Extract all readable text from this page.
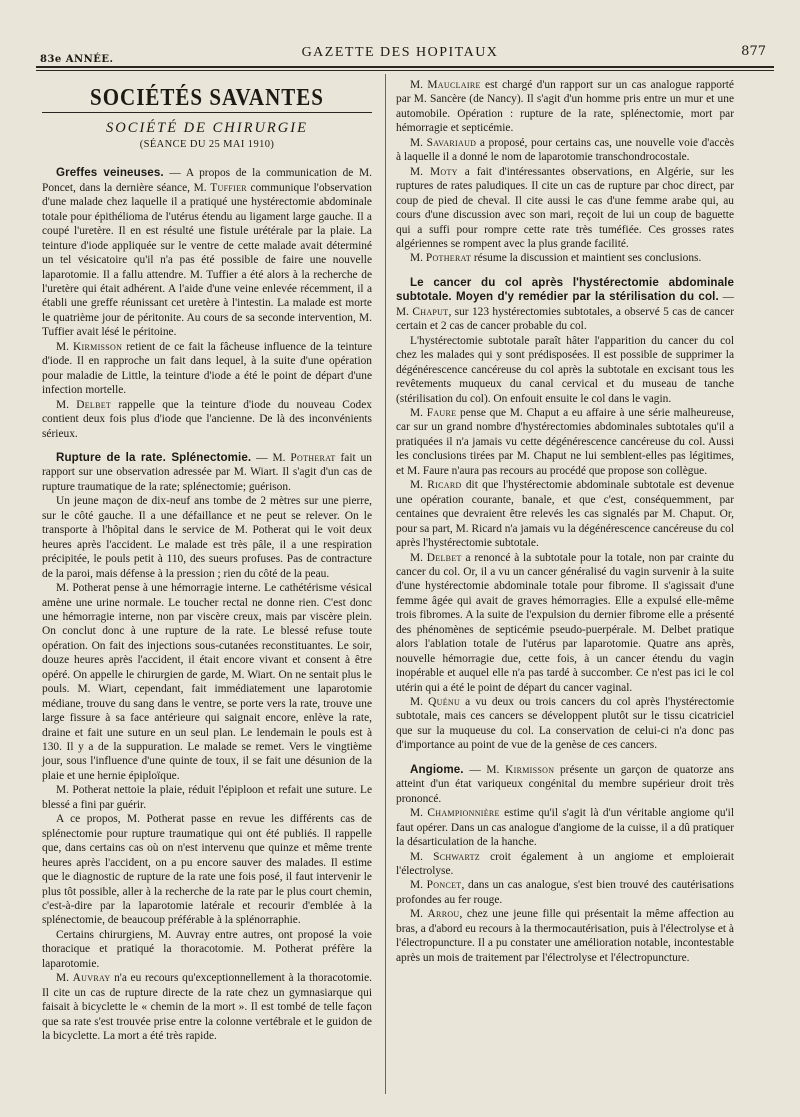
83e ANNÉE.	GAZETTE DES HOPITAUX	877
SOCIÉTÉS SAVANTES
SOCIÉTÉ DE CHIRURGIE
(SÉANCE DU 25 MAI 1910)

Greffes veineuses. — A propos de la communication de M. Poncet, dans la dernière séance, M. Tuffier communique l'observation d'une malade chez laquelle il a pratiqué une hystérectomie abdominale totale pour épithélioma de l'utérus étendu au ligament large gauche. Il a coupé l'uretère. Il en est résulté une fistule urétérale par la plaie. La teinture d'iode appliquée sur le ventre de cette malade avait déterminé un tel vésicatoire qu'il n'a pas été possible de faire une nouvelle laparotomie. Il a fallu attendre. M. Tuffier a été alors à la recherche de l'uretère qui était adhérent. A l'aide d'une veine enlevée récemment, il a établi une greffe réunissant cet uretère à l'intestin. La malade est morte le quatrième jour de péritonite. Au cours de sa seconde intervention, M. Tuffier avait lésé le péritoine.

M. Kirmisson retient de ce fait la fâcheuse influence de la teinture d'iode. Il en rapproche un fait dans lequel, à la suite d'une opération pour maladie de Little, la teinture d'iode a été le point de départ d'une infection mortelle.

M. Delbet rappelle que la teinture d'iode du nouveau Codex contient deux fois plus d'iode que l'ancienne. De là des inconvénients sérieux.

Rupture de la rate. Splénectomie. — M. Potherat fait un rapport sur une observation adressée par M. Wiart. Il s'agit d'un cas de rupture traumatique de la rate; splénectomie; guérison.

Un jeune maçon de dix-neuf ans tombe de 2 mètres sur une pierre, sur le côté gauche. Il a une défaillance et ne peut se relever. On le transporte à l'hôpital dans le service de M. Potherat qui le voit deux heures après l'accident. Le malade est très pâle, il a une respiration précipitée, le pouls petit à 110, des sueurs profuses. Pas de contracture de la paroi, mais défense à la pression ; rien du côté de la peau.

M. Potherat pense à une hémorragie interne. Le cathétérisme vésical amène une urine normale. Le toucher rectal ne donne rien. C'est donc une hémorragie interne, non par viscère creux, mais par viscère plein. On conclut donc à une rupture de la rate. Le blessé refuse toute opération. On fait des injections sous-cutanées reconstituantes. Le soir, douze heures après l'accident, il était encore vivant et consent à être opéré. On appelle le chirurgien de garde, M. Wiart. On ne sentait plus le pouls. M. Wiart, cependant, fait immédiatement une laparotomie médiane, trouve du sang dans le ventre, se porte vers la rate, trouve une large fissure à sa face antérieure qui saignait encore, enlève la rate, draine et fait une suture en un seul plan. Le lendemain le pouls est à 130. Il y a de la suppuration. Le malade se remet. Vers le vingtième jour, sous l'influence d'une quinte de toux, il se fait une désunion de la plaie et une hernie épiploïque.

M. Potherat nettoie la plaie, réduit l'épiploon et refait une suture. Le blessé a fini par guérir.

A ce propos, M. Potherat passe en revue les différents cas de splénectomie pour rupture traumatique qui ont été publiés. Il rappelle que, dans certains cas où on n'est intervenu que quinze et même trente heures après l'accident, on a pu encore sauver des malades. Il estime que le diagnostic de rupture de la rate une fois posé, il faut intervenir le plus tôt possible, aller à la recherche de la rate par le plus court chemin, c'est-à-dire par la laparotomie latérale et recourir d'emblée à la splénectomie, de beaucoup préférable à la splénorraphie.

Certains chirurgiens, M. Auvray entre autres, ont proposé la voie thoracique et pratiqué la thoracotomie. M. Potherat préfère la laparotomie.

M. Auvray n'a eu recours qu'exceptionnellement à la thoracotomie. Il cite un cas de rupture directe de la rate chez un gymnasiarque qui faisait à bicyclette le « chemin de la mort ». Il est tombé de telle façon que sa rate s'est trouvée prise entre la colonne vertébrale et le guidon de la bicyclette. La mort a été très rapide.

M. Mauclaire est chargé d'un rapport sur un cas analogue rapporté par M. Sancère (de Nancy). Il s'agit d'un homme pris entre un mur et une automobile. Opération : rupture de la rate, splénectomie, mort par hémorragie et septicémie.

M. Savariaud a proposé, pour certains cas, une nouvelle voie d'accès à laquelle il a donné le nom de laparotomie transchondrocostale.

M. Moty a fait d'intéressantes observations, en Algérie, sur les ruptures de rates paludiques. Il cite un cas de rupture par choc direct, par coup de pied de cheval. Il cite aussi le cas d'une femme arabe qui, au cours d'une discussion avec son mari, reçoit de lui un coup de baguette qui a suffi pour rompre cette rate très tuméfiée. Ces grosses rates algériennes se rompent avec la plus grande facilité.

M. Potherat résume la discussion et maintient ses conclusions.

Le cancer du col après l'hystérectomie abdominale subtotale. Moyen d'y remédier par la stérilisation du col. — M. Chaput, sur 123 hystérectomies subtotales, a observé 5 cas de cancer certain et 2 cas de cancer probable du col.

L'hystérectomie subtotale paraît hâter l'apparition du cancer du col chez les malades qui y sont prédisposées. Il est possible de supprimer la dégénérescence cancéreuse du col après la subtotale en excisant tous les revêtements muqueux du canal cervical et du museau de tanche (stérilisation du col). On enfouit ensuite le col dans le vagin.

M. Faure pense que M. Chaput a eu affaire à une série malheureuse, car sur un grand nombre d'hystérectomies abdominales subtotales qu'il a pratiquées il n'a jamais vu cette dégénérescence cancéreuse du col. Aussi les conclusions tirées par M. Chaput ne lui semblent-elles pas légitimes, et M. Faure n'aura pas recours au procédé que propose son collègue.

M. Ricard dit que l'hystérectomie abdominale subtotale est devenue une opération courante, banale, et que c'est, conséquemment, par centaines que devraient être relevés les cas signalés par M. Chaput. Or, pour sa part, M. Ricard n'a jamais vu la dégénérescence cancéreuse du col après l'hystérectomie subtotale.

M. Delbet a renoncé à la subtotale pour la totale, non par crainte du cancer du col. Or, il a vu un cancer généralisé du vagin survenir à la suite d'une hystérectomie abdominale totale pour fibrome. Il s'agissait d'une femme âgée qui avait de graves hémorragies. Elle a expulsé elle-même trois fibromes. A la suite de l'expulsion du dernier fibrome elle a présenté des phénomènes de septicémie pseudo-puerpérale. M. Delbet pratique alors l'ablation totale de l'utérus par laparotomie. Quatre ans après, nouvelle hémorragie due, cette fois, à un cancer étendu du vagin inopérable et auquel elle n'a pas tardé à succomber. Ce n'est pas ici le col utérin qui a été le point de départ du cancer vaginal.

M. Quénu a vu deux ou trois cancers du col après l'hystérectomie subtotale, mais ces cancers se développent plutôt sur le tissu cicatriciel que sur la muqueuse du col. La conservation de celui-ci n'a donc pas d'importance au point de vue de la genèse de ces cancers.

Angiome. — M. Kirmisson présente un garçon de quatorze ans atteint d'un état variqueux congénital du membre supérieur droit très prononcé.

M. Championnière estime qu'il s'agit là d'un véritable angiome qu'il faut opérer. Dans un cas analogue d'angiome de la cuisse, il a dû pratiquer la désarticulation de la hanche.

M. Schwartz croit également à un angiome et emploierait l'électrolyse.

M. Poncet, dans un cas analogue, s'est bien trouvé des cautérisations profondes au fer rouge.

M. Arrou, chez une jeune fille qui présentait la même affection au bras, a d'abord eu recours à la thermocautérisation, puis à l'électrolyse et à l'électropuncture. Il a pu constater une amélioration notable, incontestable après un mois de traitement par l'électrolyse et l'électropuncture.
